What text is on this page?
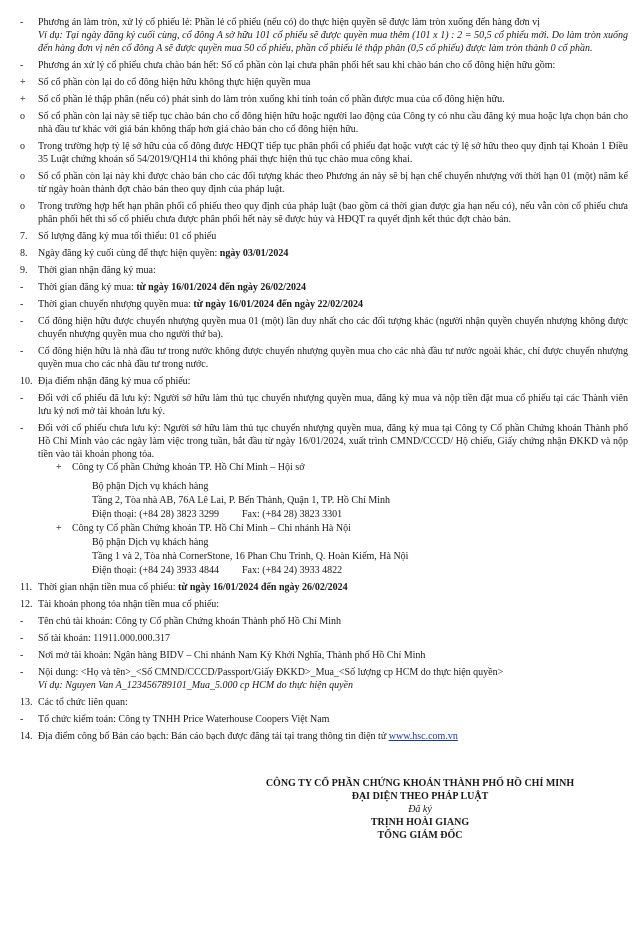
-	Phương án làm tròn, xử lý cổ phiếu lẻ: Phần lẻ cổ phiếu (nếu có) do thực hiện quyền sẽ được làm tròn xuống đến hàng đơn vị
Ví dụ: Tại ngày đăng ký cuối cùng, cổ đông A sở hữu 101 cổ phiếu sẽ được quyền mua thêm (101 x 1) : 2 = 50,5 cổ phiếu mới. Do làm tròn xuống đến hàng đơn vị nên cổ đông A sẽ được quyền mua 50 cổ phiếu, phần cổ phiếu lẻ thập phân (0,5 cổ phiếu) được làm tròn thành 0 cổ phần.
-	Phương án xử lý cổ phiếu chưa chào bán hết: Số cổ phần còn lại chưa phân phối hết sau khi chào bán cho cổ đông hiện hữu gồm:
+	Số cổ phần còn lại do cổ đông hiện hữu không thực hiện quyền mua
+	Số cổ phần lẻ thập phân (nếu có) phát sinh do làm tròn xuống khi tính toán cổ phần được mua của cổ đông hiện hữu.
o	Số cổ phần còn lại này sẽ tiếp tục chào bán cho cổ đông hiện hữu hoặc người lao động của Công ty có nhu cầu đăng ký mua hoặc lựa chọn bán cho nhà đầu tư khác với giá bán không thấp hơn giá chào bán cho cổ đông hiện hữu.
o	Trong trường hợp tỷ lệ sở hữu của cổ đông được HĐQT tiếp tục phân phối cổ phiếu đạt hoặc vượt các tỷ lệ sở hữu theo quy định tại Khoản 1 Điều 35 Luật chứng khoán số 54/2019/QH14 thì không phải thực hiện thủ tục chào mua công khai.
o	Số cổ phần còn lại này khi được chào bán cho các đối tượng khác theo Phương án này sẽ bị hạn chế chuyển nhượng với thời hạn 01 (một) năm kể từ ngày hoàn thành đợt chào bán theo quy định của pháp luật.
o	Trong trường hợp hết hạn phân phối cổ phiếu theo quy định của pháp luật (bao gồm cả thời gian được gia hạn nếu có), nếu vẫn còn cổ phiếu chưa phân phối hết thì số cổ phiếu chưa được phân phối hết này sẽ được hủy và HĐQT ra quyết định kết thúc đợt chào bán.
7.	Số lượng đăng ký mua tối thiểu: 01 cổ phiếu
8.	Ngày đăng ký cuối cùng để thực hiện quyền: ngày 03/01/2024
9.	Thời gian nhận đăng ký mua:
-	Thời gian đăng ký mua: từ ngày 16/01/2024 đến ngày 26/02/2024
-	Thời gian chuyển nhượng quyền mua: từ ngày 16/01/2024 đến ngày 22/02/2024
-	Cổ đông hiện hữu được chuyển nhượng quyền mua 01 (một) lần duy nhất cho các đối tượng khác (người nhận quyền chuyển nhượng không được chuyển nhượng quyền mua cho người thứ ba).
-	Cổ đông hiện hữu là nhà đầu tư trong nước không được chuyển nhượng quyền mua cho các nhà đầu tư nước ngoài khác, chỉ được chuyển nhượng quyền mua cho các nhà đầu tư trong nước.
10. Địa điểm nhận đăng ký mua cổ phiếu:
-	Đối với cổ phiếu đã lưu ký: Người sở hữu làm thủ tục chuyển nhượng quyền mua, đăng ký mua và nộp tiền đặt mua cổ phiếu tại các Thành viên lưu ký nơi mở tài khoản lưu ký.
-	Đối với cổ phiếu chưa lưu ký: Người sở hữu làm thủ tục chuyển nhượng quyền mua, đăng ký mua tại Công ty Cổ phần Chứng khoán Thành phố Hồ Chí Minh vào các ngày làm việc trong tuần, bắt đầu từ ngày 16/01/2024, xuất trình CMND/CCCD/ Hộ chiếu, Giấy chứng nhận ĐKKD và nộp tiền vào tài khoản phong tỏa.
+	Công ty Cổ phần Chứng khoán TP. Hồ Chí Minh – Hội sở
Bộ phận Dịch vụ khách hàng
Tầng 2, Tòa nhà AB, 76A Lê Lai, P. Bến Thành, Quận 1, TP. Hồ Chí Minh
Điện thoại: (+84 28) 3823 3299 Fax: (+84 28) 3823 3301
+	Công ty Cổ phần Chứng khoán TP. Hồ Chí Minh – Chi nhánh Hà Nội
Bộ phận Dịch vụ khách hàng
Tầng 1 và 2, Tòa nhà CornerStone, 16 Phan Chu Trinh, Q. Hoàn Kiếm, Hà Nội
Điện thoại: (+84 24) 3933 4844 Fax: (+84 24) 3933 4822
11. Thời gian nhận tiền mua cổ phiếu: từ ngày 16/01/2024 đến ngày 26/02/2024
12. Tài khoản phong tỏa nhận tiền mua cổ phiếu:
-	Tên chủ tài khoản: Công ty Cổ phần Chứng khoán Thành phố Hồ Chí Minh
-	Số tài khoản: 11911.000.000.317
-	Nơi mở tài khoản: Ngân hàng BIDV – Chi nhánh Nam Kỳ Khởi Nghĩa, Thành phố Hồ Chí Minh
-	Nội dung: <Họ và tên>_<Số CMND/CCCD/Passport/Giấy ĐKKD>_Mua_<Số lượng cp HCM do thực hiện quyền>
Ví dụ: Nguyen Van A_123456789101_Mua_5.000 cp HCM do thực hiện quyền
13. Các tổ chức liên quan:
-	Tổ chức kiểm toán: Công ty TNHH Price Waterhouse Coopers Việt Nam
14. Địa điểm công bố Bản cáo bạch: Bản cáo bạch được đăng tải tại trang thông tin điện tử www.hsc.com.vn
CÔNG TY CỔ PHẦN CHỨNG KHOÁN THÀNH PHỐ HỒ CHÍ MINH
ĐẠI DIỆN THEO PHÁP LUẬT
Đã ký
TRỊNH HOÀI GIANG
TỔNG GIÁM ĐỐC
